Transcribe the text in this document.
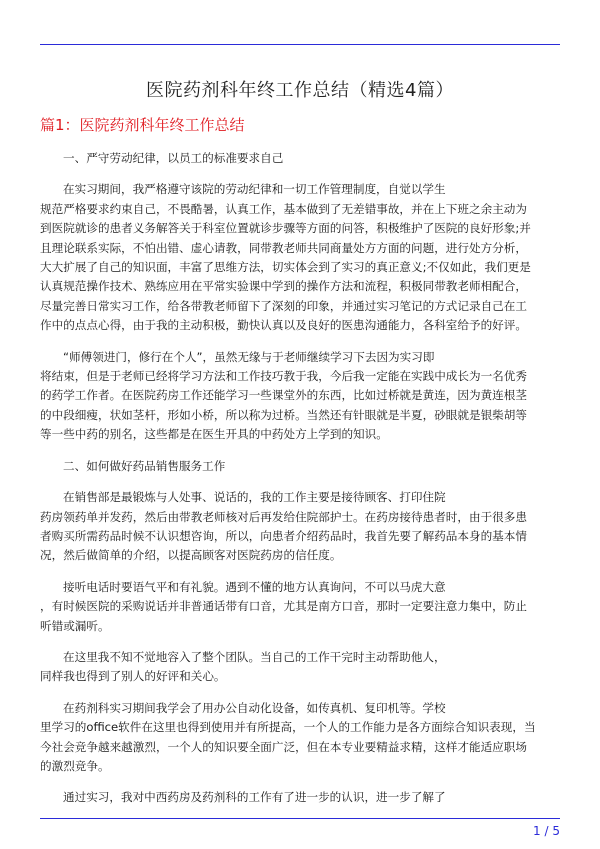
医院药剂科年终工作总结（精选4篇）
篇1：医院药剂科年终工作总结
一、严守劳动纪律，以员工的标准要求自己
在实习期间，我严格遵守该院的劳动纪律和一切工作管理制度，自觉以学生
规范严格要求约束自己，不畏酷暑，认真工作，基本做到了无差错事故，并在上下班之余主动为
到医院就诊的患者义务解答关于科室位置就诊步骤等方面的问答，积极维护了医院的良好形象;并
且理论联系实际，不怕出错、虚心请教，同带教老师共同商量处方方面的问题，进行处方分析，
大大扩展了自己的知识面，丰富了思维方法，切实体会到了实习的真正意义;不仅如此，我们更是
认真规范操作技术、熟练应用在平常实验课中学到的操作方法和流程，积极同带教老师相配合，
尽量完善日常实习工作，给各带教老师留下了深刻的印象，并通过实习笔记的方式记录自己在工
作中的点点心得，由于我的主动积极，勤快认真以及良好的医患沟通能力，各科室给予的好评。
“师傅领进门，修行在个人”，虽然无缘与于老师继续学习下去因为实习即
将结束，但是于老师已经将学习方法和工作技巧教于我，今后我一定能在实践中成长为一名优秀
的药学工作者。在医院药房工作还能学习一些课堂外的东西，比如过桥就是黄连，因为黄连根茎
的中段细瘦，状如茎杆，形如小桥，所以称为过桥。当然还有针眼就是半夏，砂眼就是银柴胡等
等一些中药的别名，这些都是在医生开具的中药处方上学到的知识。
二、如何做好药品销售服务工作
在销售部是最锻炼与人处事、说话的，我的工作主要是接待顾客、打印住院
药房领药单并发药，然后由带教老师核对后再发给住院部护士。在药房接待患者时，由于很多患
者购买所需药品时候不认识想咨询，所以，向患者介绍药品时，我首先要了解药品本身的基本情
况，然后做简单的介绍，以提高顾客对医院药房的信任度。
接听电话时要语气平和有礼貌。遇到不懂的地方认真询问，不可以马虎大意
，有时候医院的采购说话并非普通话带有口音，尤其是南方口音，那时一定要注意力集中，防止
听错或漏听。
在这里我不知不觉地容入了整个团队。当自己的工作干完时主动帮助他人，
同样我也得到了别人的好评和关心。
在药剂科实习期间我学会了用办公自动化设备，如传真机、复印机等。学校
里学习的office软件在这里也得到使用并有所提高，一个人的工作能力是各方面综合知识表现，当
今社会竞争越来越激烈，一个人的知识要全面广泛，但在本专业要精益求精，这样才能适应职场
的激烈竞争。
通过实习，我对中西药房及药剂科的工作有了进一步的认识，进一步了解了
1 / 5
